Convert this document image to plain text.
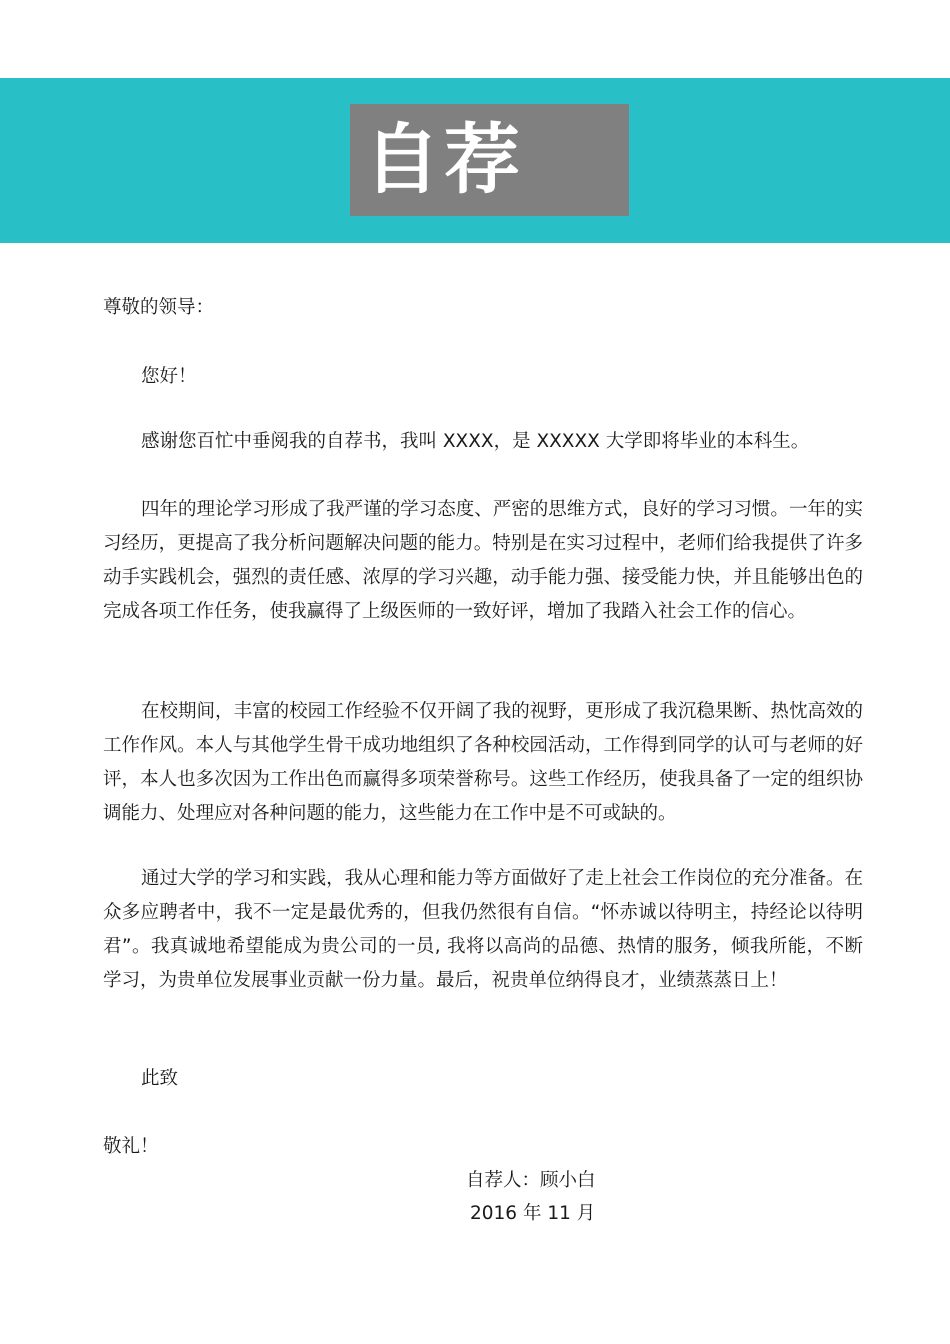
自荐
尊敬的领导：
您好！
感谢您百忙中垂阅我的自荐书，我叫 XXXX，是 XXXXX 大学即将毕业的本科生。
四年的理论学习形成了我严谨的学习态度、严密的思维方式，良好的学习习惯。一年的实习经历，更提高了我分析问题解决问题的能力。特别是在实习过程中，老师们给我提供了许多动手实践机会，强烈的责任感、浓厚的学习兴趣，动手能力强、接受能力快，并且能够出色的完成各项工作任务，使我赢得了上级医师的一致好评，增加了我踏入社会工作的信心。
在校期间，丰富的校园工作经验不仅开阔了我的视野，更形成了我沉稳果断、热忱高效的工作作风。本人与其他学生骨干成功地组织了各种校园活动，工作得到同学的认可与老师的好评，本人也多次因为工作出色而赢得多项荣誉称号。这些工作经历，使我具备了一定的组织协调能力、处理应对各种问题的能力，这些能力在工作中是不可或缺的。
通过大学的学习和实践，我从心理和能力等方面做好了走上社会工作岗位的充分准备。在众多应聘者中，我不一定是最优秀的，但我仍然很有自信。“怀赤诚以待明主，持经论以待明君”。我真诚地希望能成为贵公司的一员, 我将以高尚的品德、热情的服务，倾我所能，不断学习，为贵单位发展事业贡献一份力量。最后，祝贵单位纳得良才，业绩蒸蒸日上！
此致
敬礼！
自荐人：顾小白
2016 年 11 月
